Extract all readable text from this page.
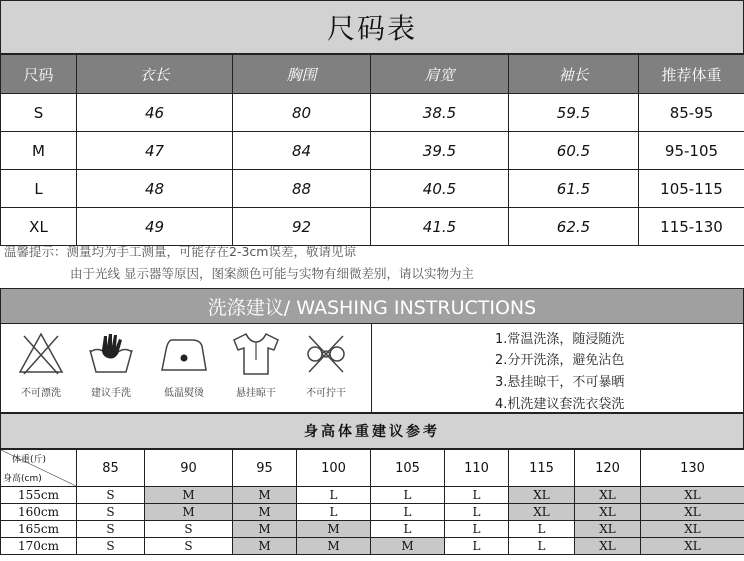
尺码表
尺码	衣长	胸围	肩宽	袖长	推荐体重
S	46	80	38.5	59.5	85-95
M	47	84	39.5	60.5	95-105
L	48	88	40.5	61.5	105-115
XL	49	92	41.5	62.5	115-130
温馨提示：测量均为手工测量，可能存在2-3cm误差，敬请见谅
由于光线 显示器等原因，图案颜色可能与实物有细微差别，请以实物为主
洗涤建议/ WASHING INSTRUCTIONS
不可漂洗	建议手洗	低温熨烫	悬挂晾干	不可拧干
1.常温洗涤，随浸随洗
2.分开洗涤，避免沾色
3.悬挂晾干，不可暴晒
4.机洗建议套洗衣袋洗
身高体重建议参考
体重(斤)
身高(cm)	85	90	95	100	105	110	115	120	130
155cm	S	M	M	L	L	L	XL	XL	XL
160cm	S	M	M	L	L	L	XL	XL	XL
165cm	S	S	M	M	L	L	L	XL	XL
170cm	S	S	M	M	M	L	L	XL	XL
